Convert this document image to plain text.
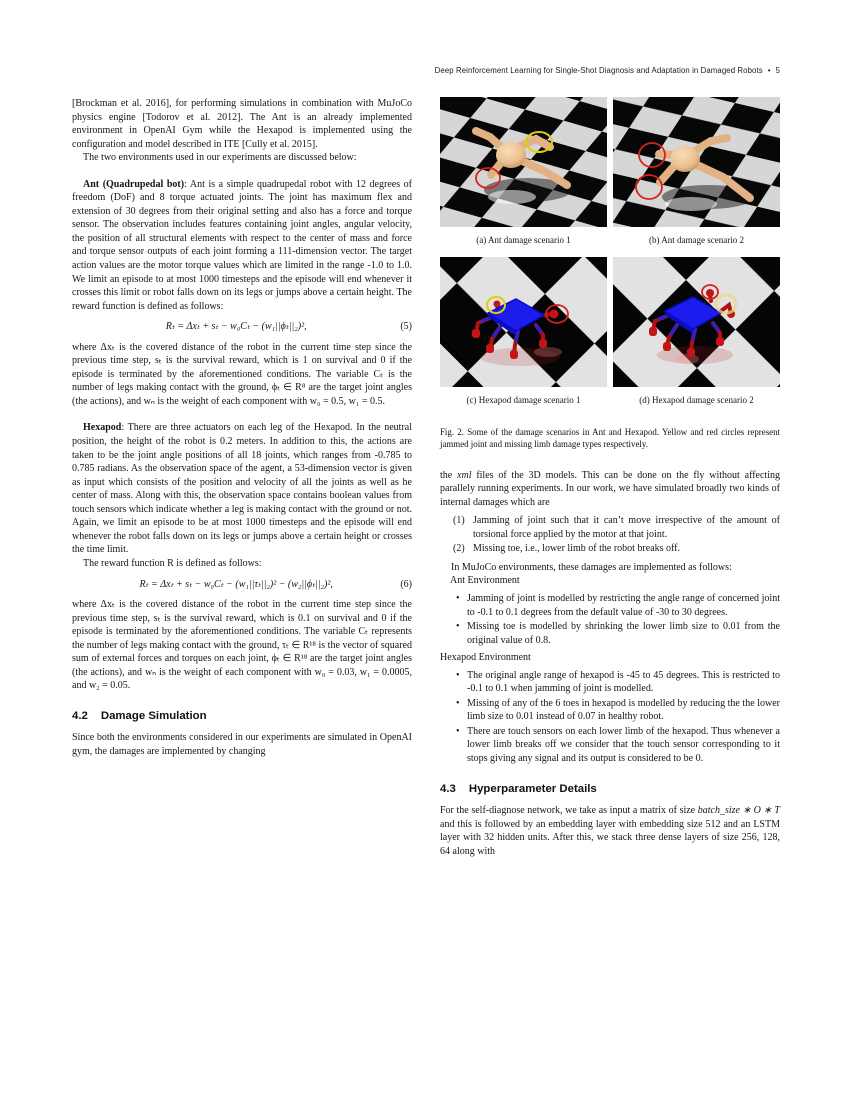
Deep Reinforcement Learning for Single-Shot Diagnosis and Adaptation in Damaged Robots • 5

[Brockman et al. 2016], for performing simulations in combination with MuJoCo physics engine [Todorov et al. 2012]. The Ant is an already implemented environment in OpenAI Gym while the Hexapod is implemented using the configuration and model described in ITE [Cully et al. 2015].

The two environments used in our experiments are discussed below:

Ant (Quadrupedal bot): Ant is a simple quadrupedal robot with 12 degrees of freedom (DoF) and 8 torque actuated joints. The joint has maximum flex and extension of 30 degrees from their original setting and also has a force and torque sensor. The observation includes features containing joint angles, angular velocity, the position of all structural elements with respect to the center of mass and force and torque sensor outputs of each joint forming a 111-dimension vector. The target action values are the motor torque values which are limited in the range -1.0 to 1.0. We limit an episode to at most 1000 timesteps and the episode will end whenever it crosses this limit or robot falls down on its legs or jumps above a certain height. The reward function is defined as follows:

Rₜ = Δxₜ + sₜ − w₀Cₜ − (w₁||ϕₜ||₂)²,	(5)

where Δxₜ is the covered distance of the robot in the current time step since the previous time step, sₜ is the survival reward, which is 1 on survival and 0 if the episode is terminated by the aforementioned conditions. The variable Cₜ is the number of legs making contact with the ground, ϕₜ ∈ R⁸ are the target joint angles (the actions), and wₙ is the weight of each component with w₀ = 0.5, w₁ = 0.5.

Hexapod: There are three actuators on each leg of the Hexapod. In the neutral position, the height of the robot is 0.2 meters. In addition to this, the actions are taken to be the joint angle positions of all 18 joints, which ranges from -0.785 to 0.785 radians. As the observation space of the agent, a 53-dimension vector is given as input which consists of the position and velocity of all the joints as well as he center of mass. Along with this, the observation space contains boolean values from touch sensors which indicate whether a leg is making contact with the ground or not. Again, we limit an episode to be at most 1000 timesteps and the episode will end whenever the robot falls down on its legs or jumps above a certain height or crosses the time limit.

The reward function R is defined as follows:

Rₜ = Δxₜ + sₜ − w₀Cₜ − (w₁||τₜ||₂)² − (w₂||ϕₜ||₂)²,	(6)

where Δxₜ is the covered distance of the robot in the current time step since the previous time step, sₜ is the survival reward, which is 0.1 on survival and 0 if the episode is terminated by the aforementioned conditions. The variable Cₜ represents the number of legs making contact with the ground, τₜ ∈ R¹⁸ is the vector of squared sum of external forces and torques on each joint, ϕₜ ∈ R¹⁸ are the target joint angles (the actions), and wₙ is the weight of each component with w₀ = 0.03, w₁ = 0.0005, and w₂ = 0.05.

4.2 Damage Simulation

Since both the environments considered in our experiments are simulated in OpenAI gym, the damages are implemented by changing

(a) Ant damage scenario 1	(b) Ant damage scenario 2

(c) Hexapod damage scenario 1	(d) Hexapod damage scenario 2

Fig. 2. Some of the damage scenarios in Ant and Hexapod. Yellow and red circles represent jammed joint and missing limb damage types respectively.

the xml files of the 3D models. This can be done on the fly without affecting parallely running experiments. In our work, we have simulated broadly two kinds of internal damages which are

(1) Jamming of joint such that it can’t move irrespective of the amount of torsional force applied by the motor at that joint.
(2) Missing toe, i.e., lower limb of the robot breaks off.

In MuJoCo environments, these damages are implemented as follows:

Ant Environment

•
Jamming of joint is modelled by restricting the angle range of concerned joint to -0.1 to 0.1 degrees from the default value of -30 to 30 degrees.
•
Missing toe is modelled by shrinking the lower limb size to 0.01 from the original value of 0.8.

Hexapod Environment

•
The original angle range of hexapod is -45 to 45 degrees. This is restricted to -0.1 to 0.1 when jamming of joint is modelled.
•
Missing of any of the 6 toes in hexapod is modelled by reducing the the lower limb size to 0.01 instead of 0.07 in healthy robot.
•
There are touch sensors on each lower limb of the hexapod. Thus whenever a lower limb breaks off we consider that the touch sensor corresponding to it stops giving any signal and its output is considered to be 0.
4.3 Hyperparameter Details

For the self-diagnose network, we take as input a matrix of size batch_size ∗ O ∗ T and this is followed by an embedding layer with embedding size 512 and an LSTM layer with 32 hidden units. After this, we stack three dense layers of size 256, 128, 64 along with
